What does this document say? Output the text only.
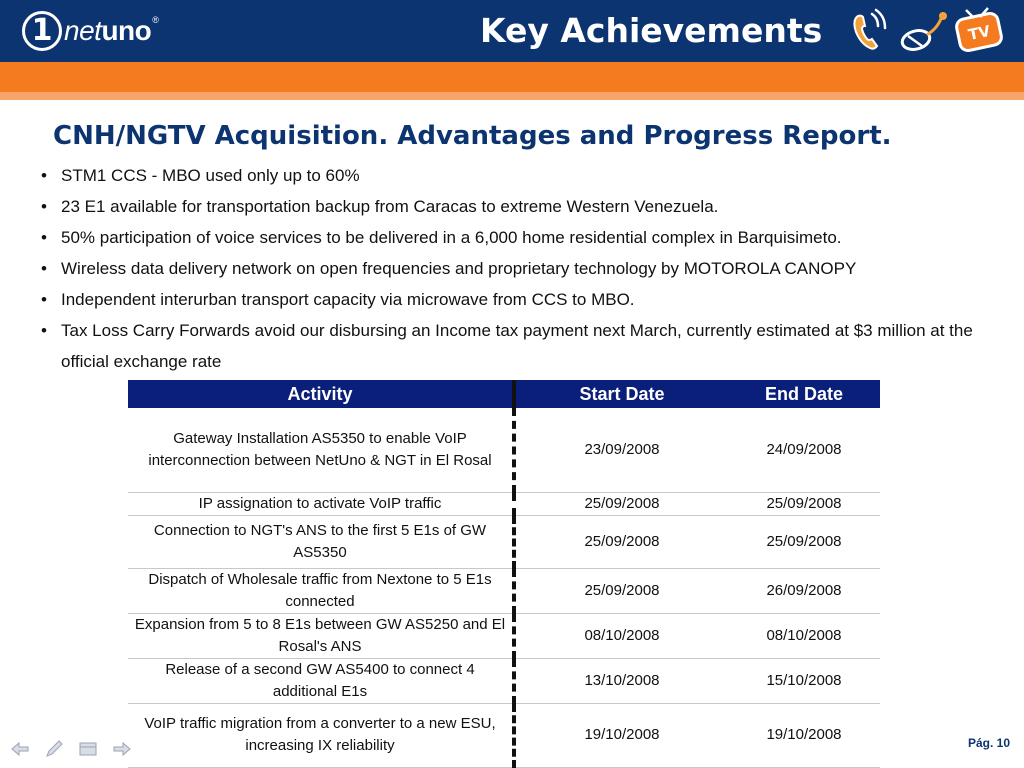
1 netuno®	Key Achievements	TV
CNH/NGTV Acquisition. Advantages and Progress Report.
• STM1 CCS - MBO used only up to 60%
• 23 E1 available for transportation backup from Caracas to extreme Western Venezuela.
• 50% participation of voice services to be delivered in a 6,000 home residential complex in Barquisimeto.
• Wireless data delivery network on open frequencies and proprietary technology by MOTOROLA CANOPY
• Independent interurban transport capacity via microwave from CCS to MBO.
• Tax Loss Carry Forwards avoid our disbursing an Income tax payment next March, currently estimated at $3 million at the official exchange rate
Activity	Start Date	End Date
Gateway Installation AS5350 to enable VoIP interconnection between NetUno & NGT in El Rosal	23/09/2008	24/09/2008
IP assignation to activate VoIP traffic	25/09/2008	25/09/2008
Connection to NGT's ANS to the first 5 E1s of GW AS5350	25/09/2008	25/09/2008
Dispatch of Wholesale traffic from Nextone to 5 E1s connected	25/09/2008	26/09/2008
Expansion from 5 to 8 E1s between GW AS5250 and El Rosal's ANS	08/10/2008	08/10/2008
Release of a second GW AS5400 to connect 4 additional E1s	13/10/2008	15/10/2008
VoIP traffic migration from a converter to a new ESU, increasing IX reliability	19/10/2008	19/10/2008	Pág. 10
